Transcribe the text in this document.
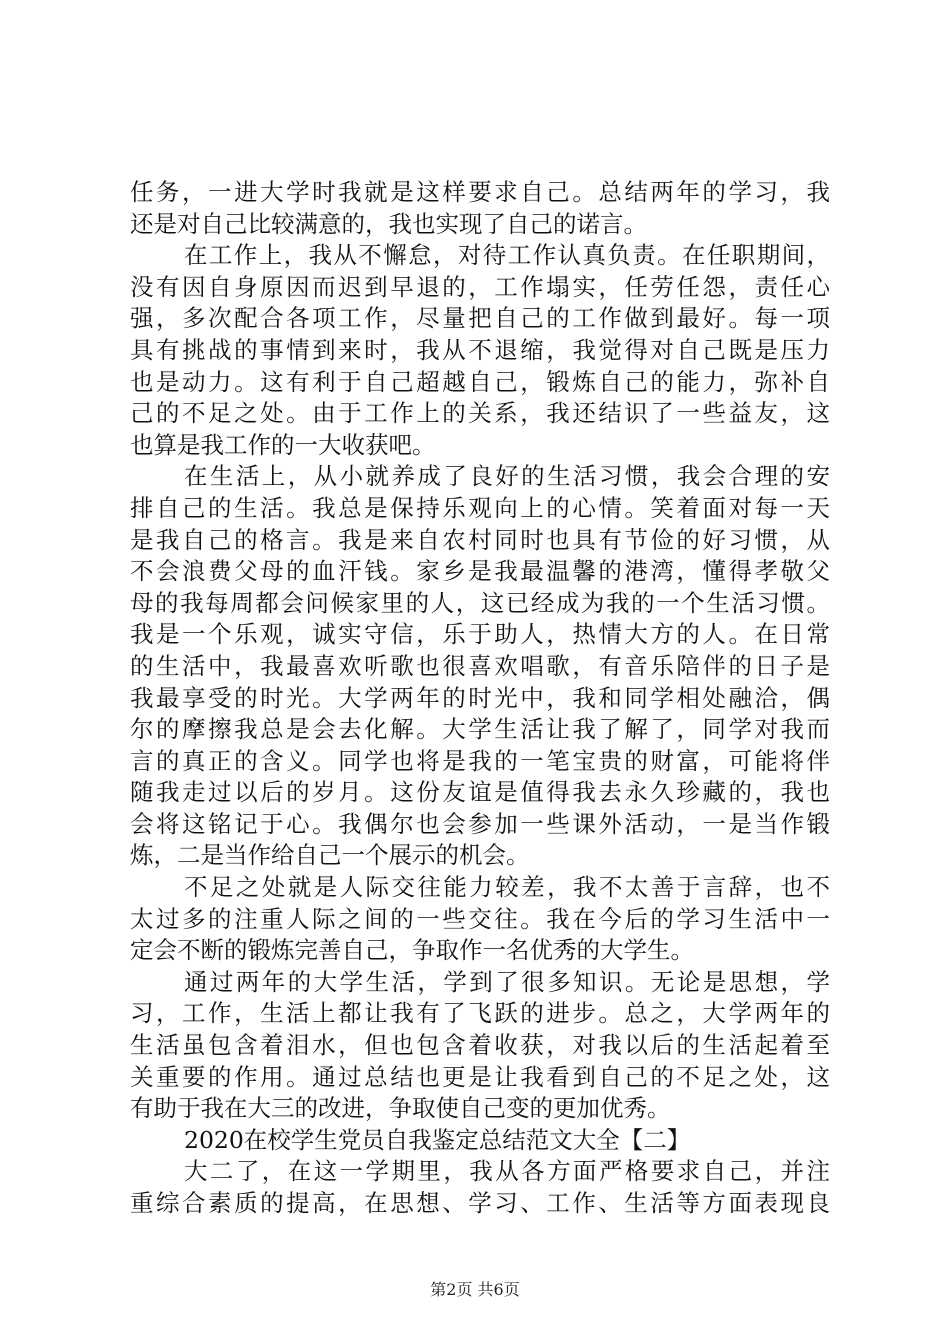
任务，一进大学时我就是这样要求自己。总结两年的学习，我
还是对自己比较满意的，我也实现了自己的诺言。
在工作上，我从不懈怠，对待工作认真负责。在任职期间，
没有因自身原因而迟到早退的，工作塌实，任劳任怨，责任心
强，多次配合各项工作，尽量把自己的工作做到最好。每一项
具有挑战的事情到来时，我从不退缩，我觉得对自己既是压力
也是动力。这有利于自己超越自己，锻炼自己的能力，弥补自
己的不足之处。由于工作上的关系，我还结识了一些益友，这
也算是我工作的一大收获吧。
在生活上，从小就养成了良好的生活习惯，我会合理的安
排自己的生活。我总是保持乐观向上的心情。笑着面对每一天
是我自己的格言。我是来自农村同时也具有节俭的好习惯，从
不会浪费父母的血汗钱。家乡是我最温馨的港湾，懂得孝敬父
母的我每周都会问候家里的人，这已经成为我的一个生活习惯。
我是一个乐观，诚实守信，乐于助人，热情大方的人。在日常
的生活中，我最喜欢听歌也很喜欢唱歌，有音乐陪伴的日子是
我最享受的时光。大学两年的时光中，我和同学相处融洽，偶
尔的摩擦我总是会去化解。大学生活让我了解了，同学对我而
言的真正的含义。同学也将是我的一笔宝贵的财富，可能将伴
随我走过以后的岁月。这份友谊是值得我去永久珍藏的，我也
会将这铭记于心。我偶尔也会参加一些课外活动，一是当作锻
炼，二是当作给自己一个展示的机会。
不足之处就是人际交往能力较差，我不太善于言辞，也不
太过多的注重人际之间的一些交往。我在今后的学习生活中一
定会不断的锻炼完善自己，争取作一名优秀的大学生。
通过两年的大学生活，学到了很多知识。无论是思想，学
习，工作，生活上都让我有了飞跃的进步。总之，大学两年的
生活虽包含着泪水，但也包含着收获，对我以后的生活起着至
关重要的作用。通过总结也更是让我看到自己的不足之处，这
有助于我在大三的改进，争取使自己变的更加优秀。
2020在校学生党员自我鉴定总结范文大全【二】
大二了，在这一学期里，我从各方面严格要求自己，并注
重综合素质的提高，在思想、学习、工作、生活等方面表现良
第2页 共6页
